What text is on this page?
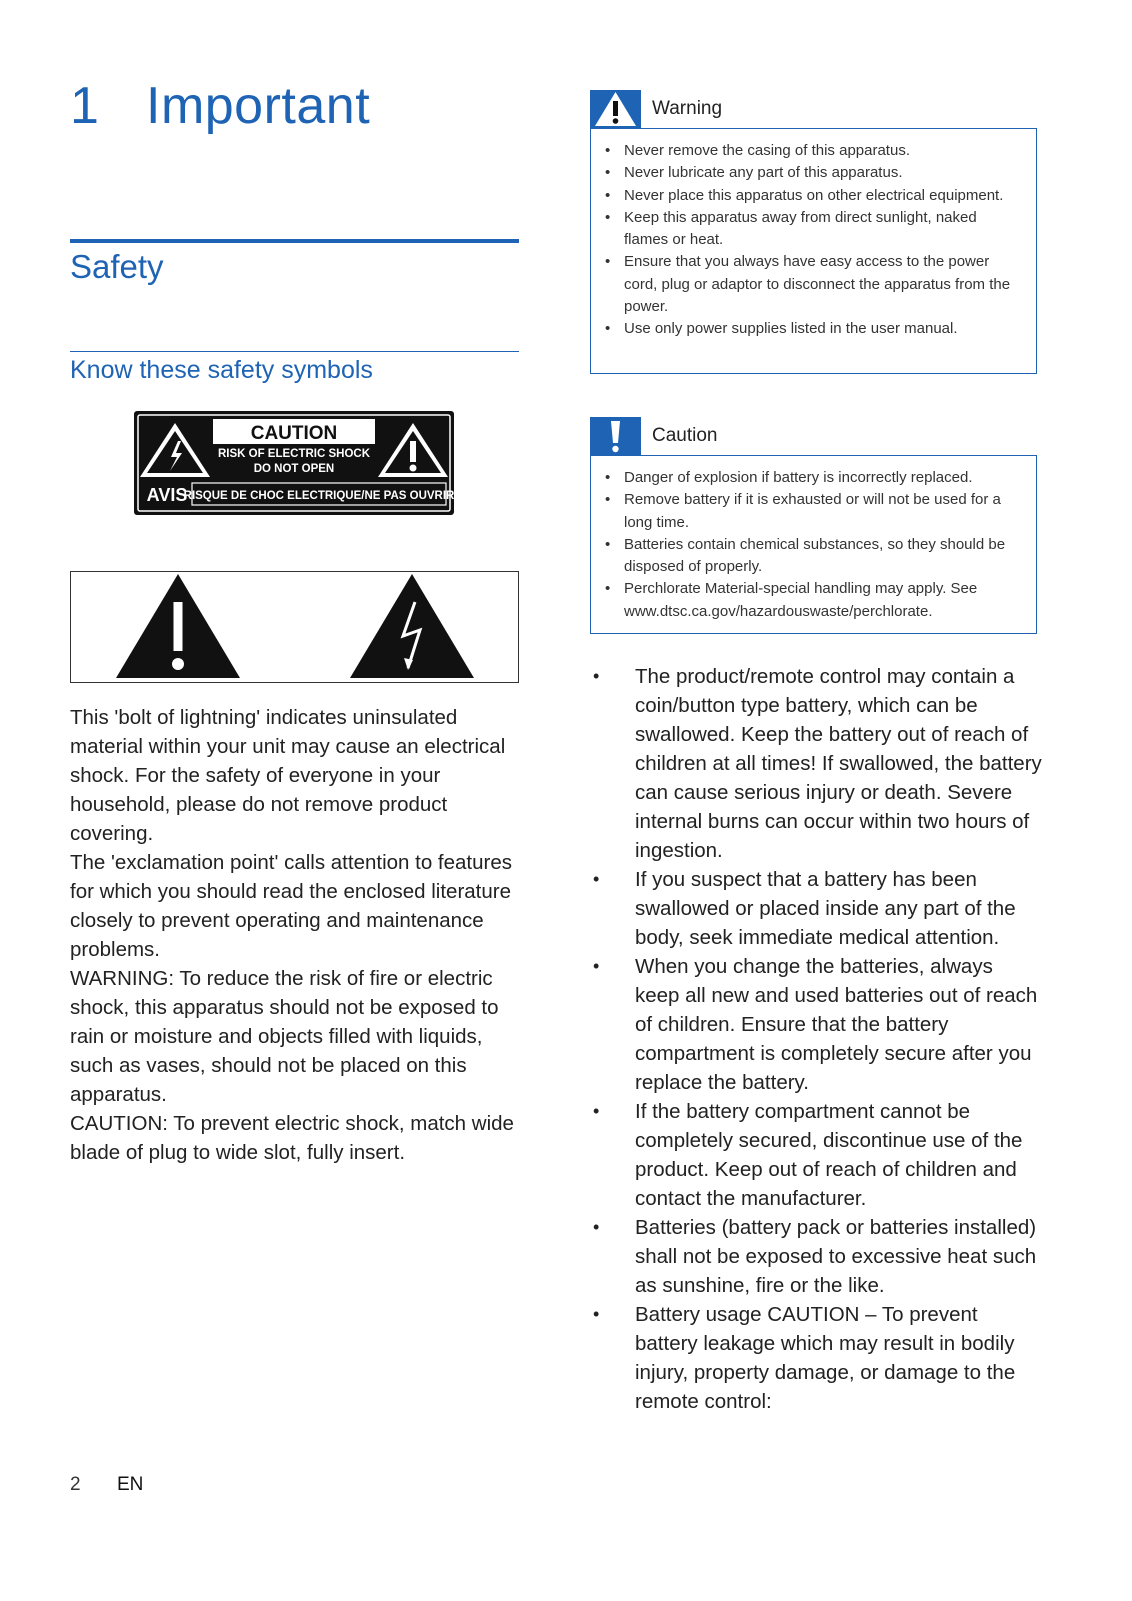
1 Important
Safety
Know these safety symbols
CAUTION
RISK OF ELECTRIC SHOCK
DO NOT OPEN
AVIS
RISQUE DE CHOC ELECTRIQUE/NE PAS OUVRIR

This 'bolt of lightning' indicates uninsulated material within your unit may cause an electrical shock. For the safety of everyone in your household, please do not remove product covering.

The 'exclamation point' calls attention to features for which you should read the enclosed literature closely to prevent operating and maintenance problems.

WARNING: To reduce the risk of fire or electric shock, this apparatus should not be exposed to rain or moisture and objects filled with liquids, such as vases, should not be placed on this apparatus.

CAUTION: To prevent electric shock, match wide blade of plug to wide slot, fully insert.

Warning
• Never remove the casing of this apparatus.
• Never lubricate any part of this apparatus.
• Never place this apparatus on other electrical equipment.
• Keep this apparatus away from direct sunlight, naked flames or heat.
• Ensure that you always have easy access to the power cord, plug or adaptor to disconnect the apparatus from the power.
• Use only power supplies listed in the user manual.
Caution
• Danger of explosion if battery is incorrectly replaced.
• Remove battery if it is exhausted or will not be used for a long time.
• Batteries contain chemical substances, so they should be disposed of properly.
• Perchlorate Material-special handling may apply. See www.dtsc.ca.gov/hazardouswaste/perchlorate.
• The product/remote control may contain a coin/button type battery, which can be swallowed. Keep the battery out of reach of children at all times! If swallowed, the battery can cause serious injury or death. Severe internal burns can occur within two hours of ingestion.
• If you suspect that a battery has been swallowed or placed inside any part of the body, seek immediate medical attention.
• When you change the batteries, always keep all new and used batteries out of reach of children. Ensure that the battery compartment is completely secure after you replace the battery.
• If the battery compartment cannot be completely secured, discontinue use of the product. Keep out of reach of children and contact the manufacturer.
• Batteries (battery pack or batteries installed) shall not be exposed to excessive heat such as sunshine, fire or the like.
• Battery usage CAUTION – To prevent battery leakage which may result in bodily injury, property damage, or damage to the remote control:
2 EN
